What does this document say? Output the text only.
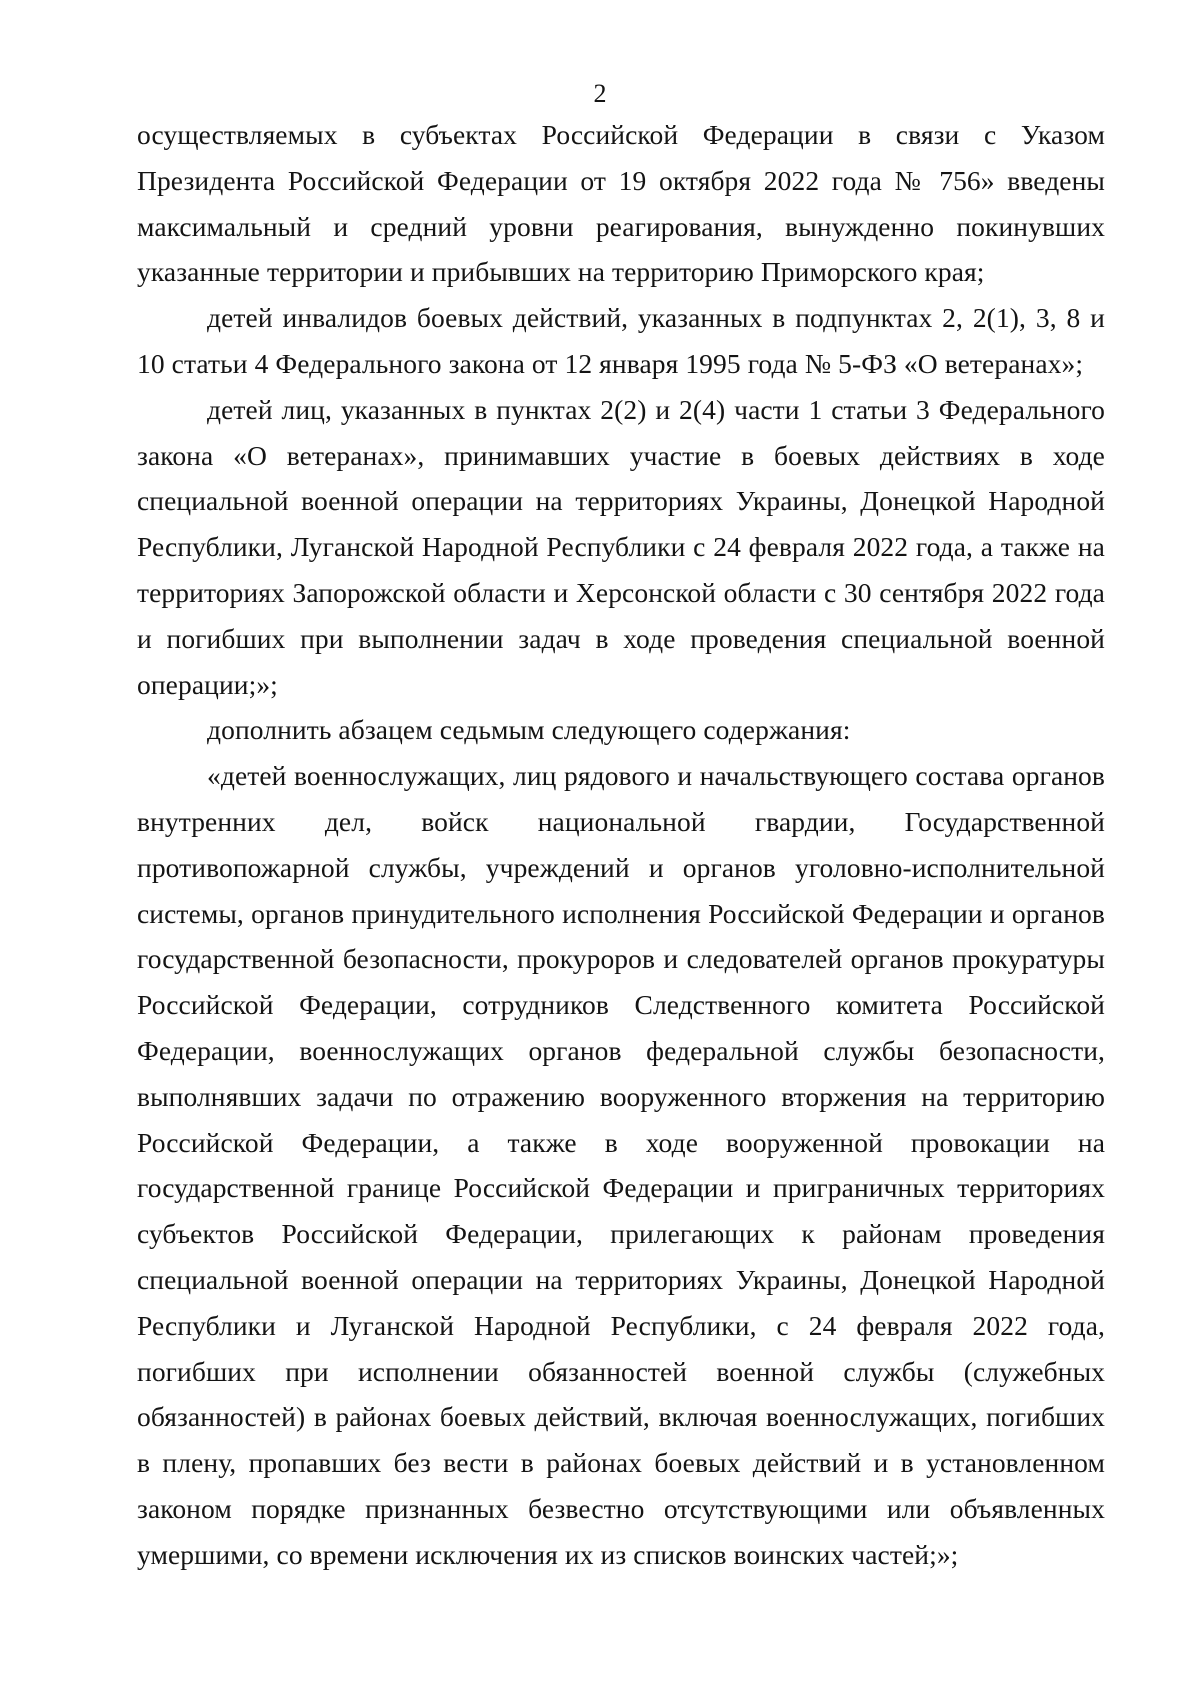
2

осуществляемых в субъектах Российской Федерации в связи с Указом Президента Российской Федерации от 19 октября 2022 года № 756» введены максимальный и средний уровни реагирования, вынужденно покинувших указанные территории и прибывших на территорию Приморского края;

детей инвалидов боевых действий, указанных в подпунктах 2, 2(1), 3, 8 и 10 статьи 4 Федерального закона от 12 января 1995 года № 5-ФЗ «О ветеранах»;

детей лиц, указанных в пунктах 2(2) и 2(4) части 1 статьи 3 Федерального закона «О ветеранах», принимавших участие в боевых действиях в ходе специальной военной операции на территориях Украины, Донецкой Народной Республики, Луганской Народной Республики с 24 февраля 2022 года, а также на территориях Запорожской области и Херсонской области с 30 сентября 2022 года и погибших при выполнении задач в ходе проведения специальной военной операции;»;

дополнить абзацем седьмым следующего содержания:

«детей военнослужащих, лиц рядового и начальствующего состава органов внутренних дел, войск национальной гвардии, Государственной противопожарной службы, учреждений и органов уголовно-исполнительной системы, органов принудительного исполнения Российской Федерации и органов государственной безопасности, прокуроров и следователей органов прокуратуры Российской Федерации, сотрудников Следственного комитета Российской Федерации, военнослужащих органов федеральной службы безопасности, выполнявших задачи по отражению вооруженного вторжения на территорию Российской Федерации, а также в ходе вооруженной провокации на государственной границе Российской Федерации и приграничных территориях субъектов Российской Федерации, прилегающих к районам проведения специальной военной операции на территориях Украины, Донецкой Народной Республики и Луганской Народной Республики, с 24 февраля 2022 года, погибших при исполнении обязанностей военной службы (служебных обязанностей) в районах боевых действий, включая военнослужащих, погибших в плену, пропавших без вести в районах боевых действий и в установленном законом порядке признанных безвестно отсутствующими или объявленных умершими, со времени исключения их из списков воинских частей;»;
